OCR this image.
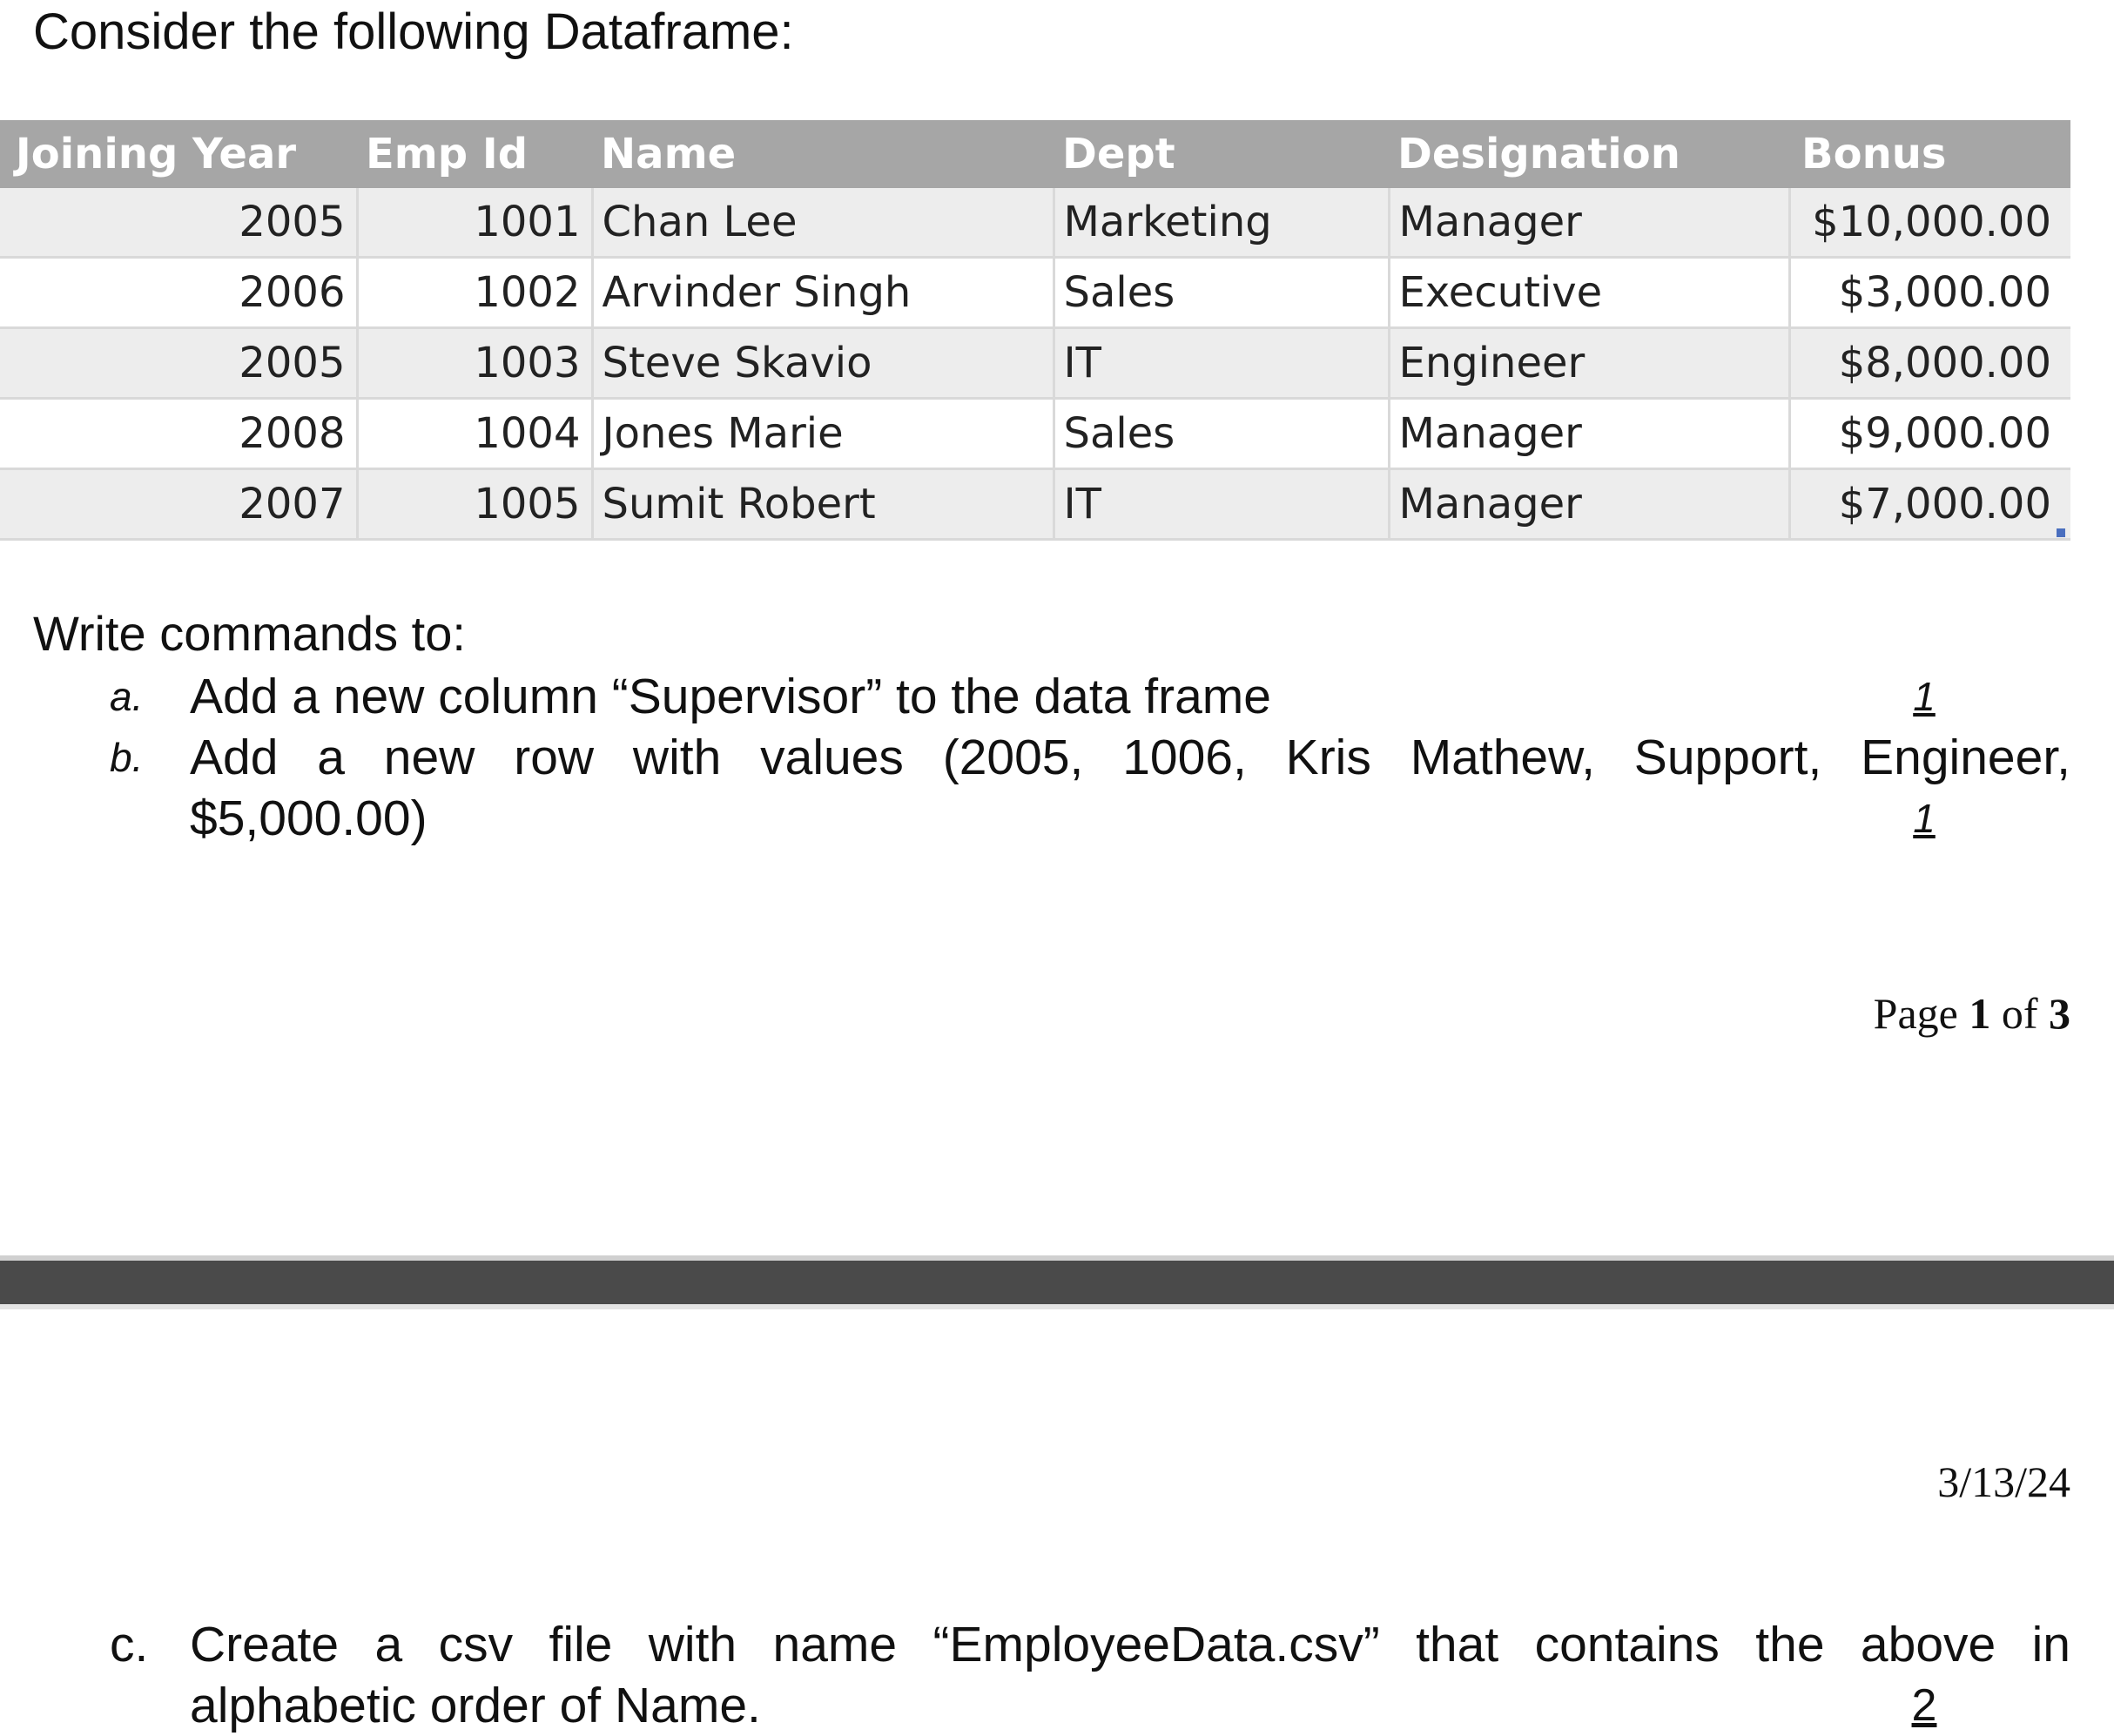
Consider the following Dataframe:
Joining Year	Emp Id	Name	Dept	Designation	Bonus
2005	1001	Chan Lee	Marketing	Manager	$10,000.00
2006	1002	Arvinder Singh	Sales	Executive	$3,000.00
2005	1003	Steve Skavio	IT	Engineer	$8,000.00
2008	1004	Jones Marie	Sales	Manager	$9,000.00
2007	1005	Sumit Robert	IT	Manager	$7,000.00

Write commands to:

a. Add a new column “Supervisor” to the data frame	1
b. Add a new row with values (2005, 1006, Kris Mathew, Support, Engineer,
$5,000.00)	1
Page 1 of 3
3/13/24
c. Create a csv file with name “EmployeeData.csv” that contains the above in
alphabetic order of Name.	2
